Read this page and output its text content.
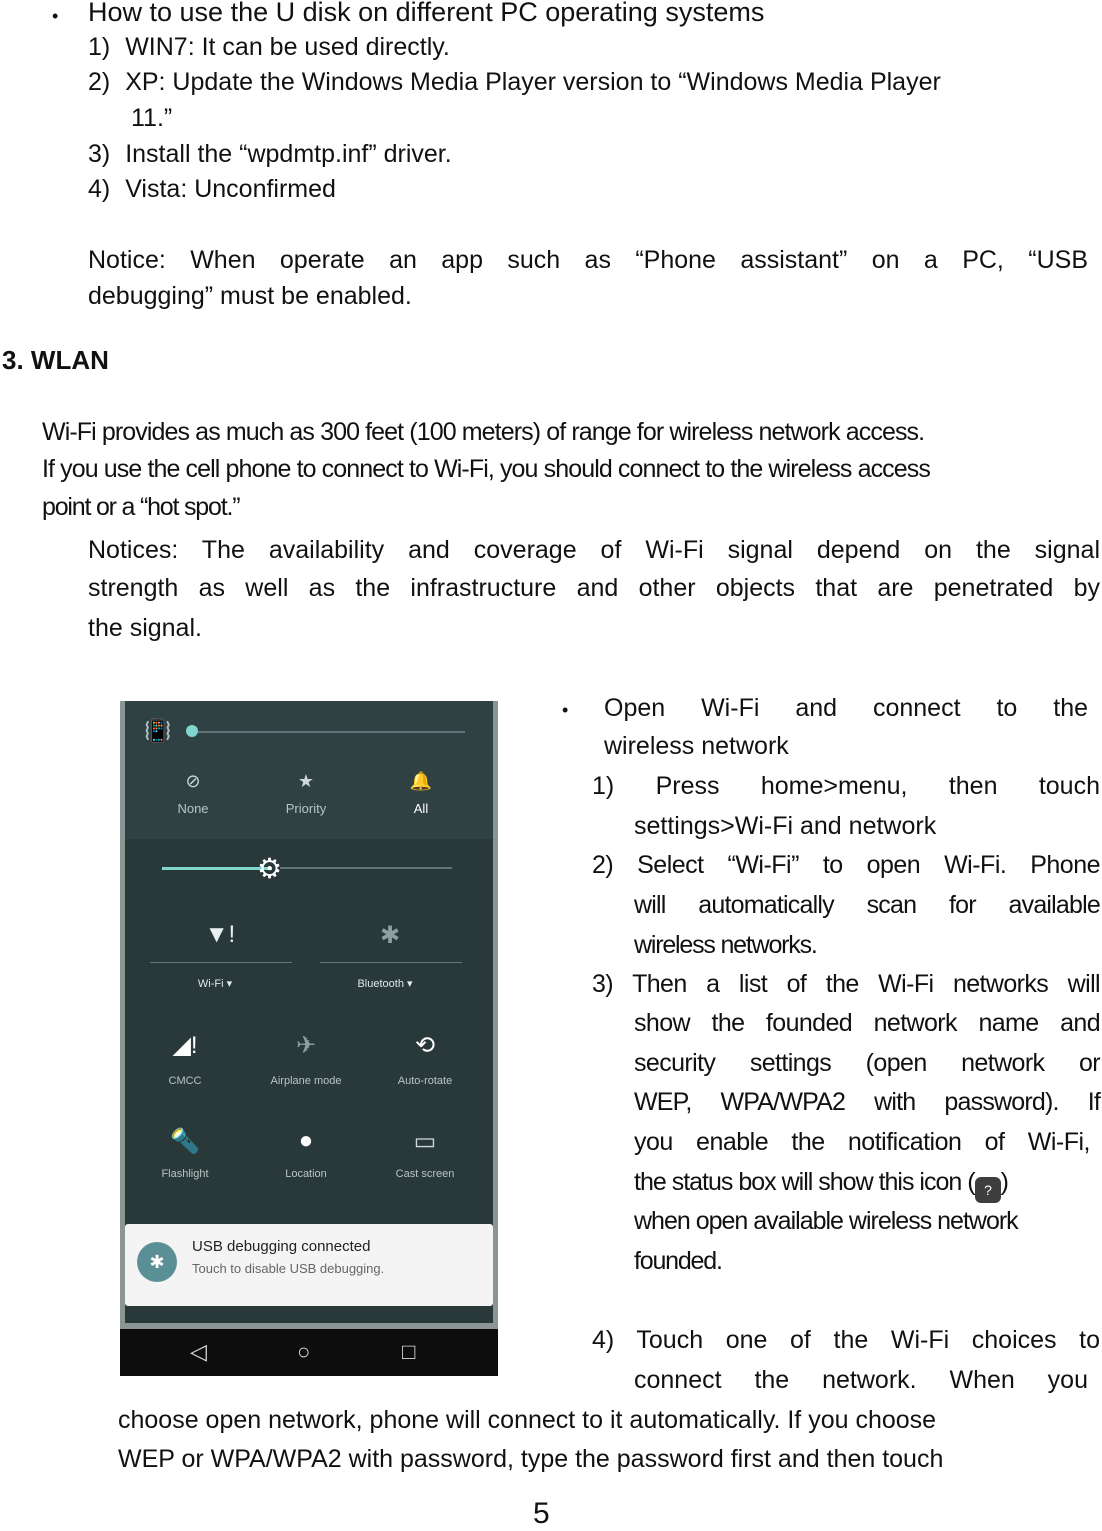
• How to use the U disk on different PC operating systems
1) WIN7: It can be used directly.
2) XP: Update the Windows Media Player version to “Windows Media Player
11.”
3) Install the “wpdmtp.inf” driver.
4) Vista: Unconfirmed
Notice: When operate an app such as “Phone assistant” on a PC, “USB
debugging” must be enabled.
3. WLAN
Wi-Fi provides as much as 300 feet (100 meters) of range for wireless network access.
If you use the cell phone to connect to Wi-Fi, you should connect to the wireless access
point or a “hot spot.”
Notices: The availability and coverage of Wi-Fi signal depend on the signal
strength as well as the infrastructure and other objects that are penetrated by
the signal.
📳
⊘	★	🔔
None	Priority	All
⚙
▼!	✱
Wi-Fi ▾	Bluetooth ▾
◢!	✈	⟲
CMCC	Airplane mode	Auto-rotate
🔦	●	▭
Flashlight	Location	Cast screen
✱
USB debugging connected
Touch to disable USB debugging.
◁	○	□
• Open Wi-Fi and connect to the
wireless network
1) Press home>menu, then touch
settings>Wi-Fi and network
2) Select “Wi-Fi” to open Wi-Fi. Phone
will automatically scan for available
wireless networks.
3) Then a list of the Wi-Fi networks will
show the founded network name and
security settings (open network or
WEP, WPA/WPA2 with password). If
you enable the notification of Wi-Fi,
the status box will show this icon ( ? )
when open available wireless network
founded.
4) Touch one of the Wi-Fi choices to
connect the network. When you
choose open network, phone will connect to it automatically. If you choose
WEP or WPA/WPA2 with password, type the password first and then touch
5
